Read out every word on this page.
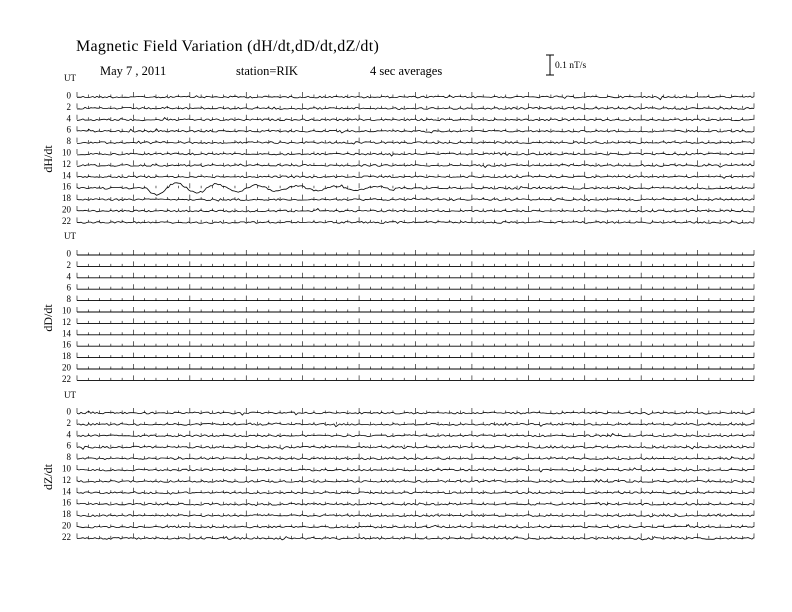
Magnetic Field Variation (dH/dt,dD/dt,dZ/dt)
May 7 , 2011	station=RIK	4 sec averages	0.1 nT/s
UT
dH/dt
0
2
4
6
8
10
12
14
16
18
20
22
UT
dD/dt
0
2
4
6
8
10
12
14
16
18
20
22
UT
dZ/dt
0
2
4
6
8
10
12
14
16
18
20
22
